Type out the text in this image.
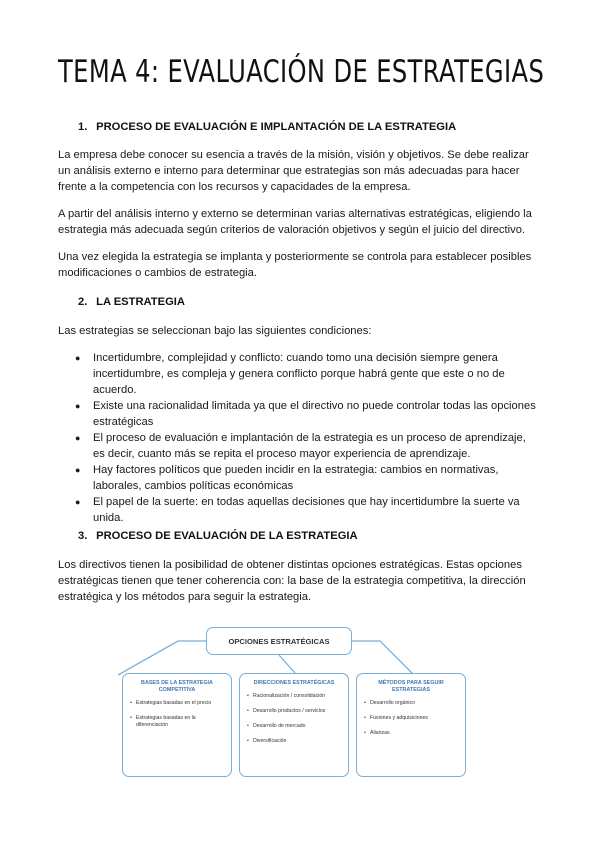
TEMA 4: EVALUACIÓN DE ESTRATEGIAS
1. PROCESO DE EVALUACIÓN E IMPLANTACIÓN DE LA ESTRATEGIA
La empresa debe conocer su esencia a través de la misión, visión y objetivos. Se debe realizar un análisis externo e interno para determinar que estrategias son más adecuadas para hacer frente a la competencia con los recursos y capacidades de la empresa.
A partir del análisis interno y externo se determinan varias alternativas estratégicas, eligiendo la estrategia más adecuada según criterios de valoración objetivos y según el juicio del directivo.
Una vez elegida la estrategia se implanta y posteriormente se controla para establecer posibles modificaciones o cambios de estrategia.
2. LA ESTRATEGIA
Las estrategias se seleccionan bajo las siguientes condiciones:
● Incertidumbre, complejidad y conflicto: cuando tomo una decisión siempre genera incertidumbre, es compleja y genera conflicto porque habrá gente que este o no de acuerdo.
● Existe una racionalidad limitada ya que el directivo no puede controlar todas las opciones estratégicas
● El proceso de evaluación e implantación de la estrategia es un proceso de aprendizaje, es decir, cuanto más se repita el proceso mayor experiencia de aprendizaje.
● Hay factores políticos que pueden incidir en la estrategia: cambios en normativas, laborales, cambios políticas económicas
● El papel de la suerte: en todas aquellas decisiones que hay incertidumbre la suerte va unida.
3. PROCESO DE EVALUACIÓN DE LA ESTRATEGIA
Los directivos tienen la posibilidad de obtener distintas opciones estratégicas. Estas opciones estratégicas tienen que tener coherencia con: la base de la estrategia competitiva, la dirección estratégica y los métodos para seguir la estrategia.
OPCIONES ESTRATÉGICAS
BASES DE LA ESTRATEGIA COMPETITIVA
• Estrategias basadas en el precio
• Estrategias basadas en la diferenciación
DIRECCIONES ESTRATÉGICAS
• Racionalización / consolidación
• Desarrollo productos / servicios
• Desarrollo de mercado
• Diversificación
MÉTODOS PARA SEGUIR ESTRATEGIAS
• Desarrollo orgánico
• Fusiones y adquisiciones
• Alianzas
